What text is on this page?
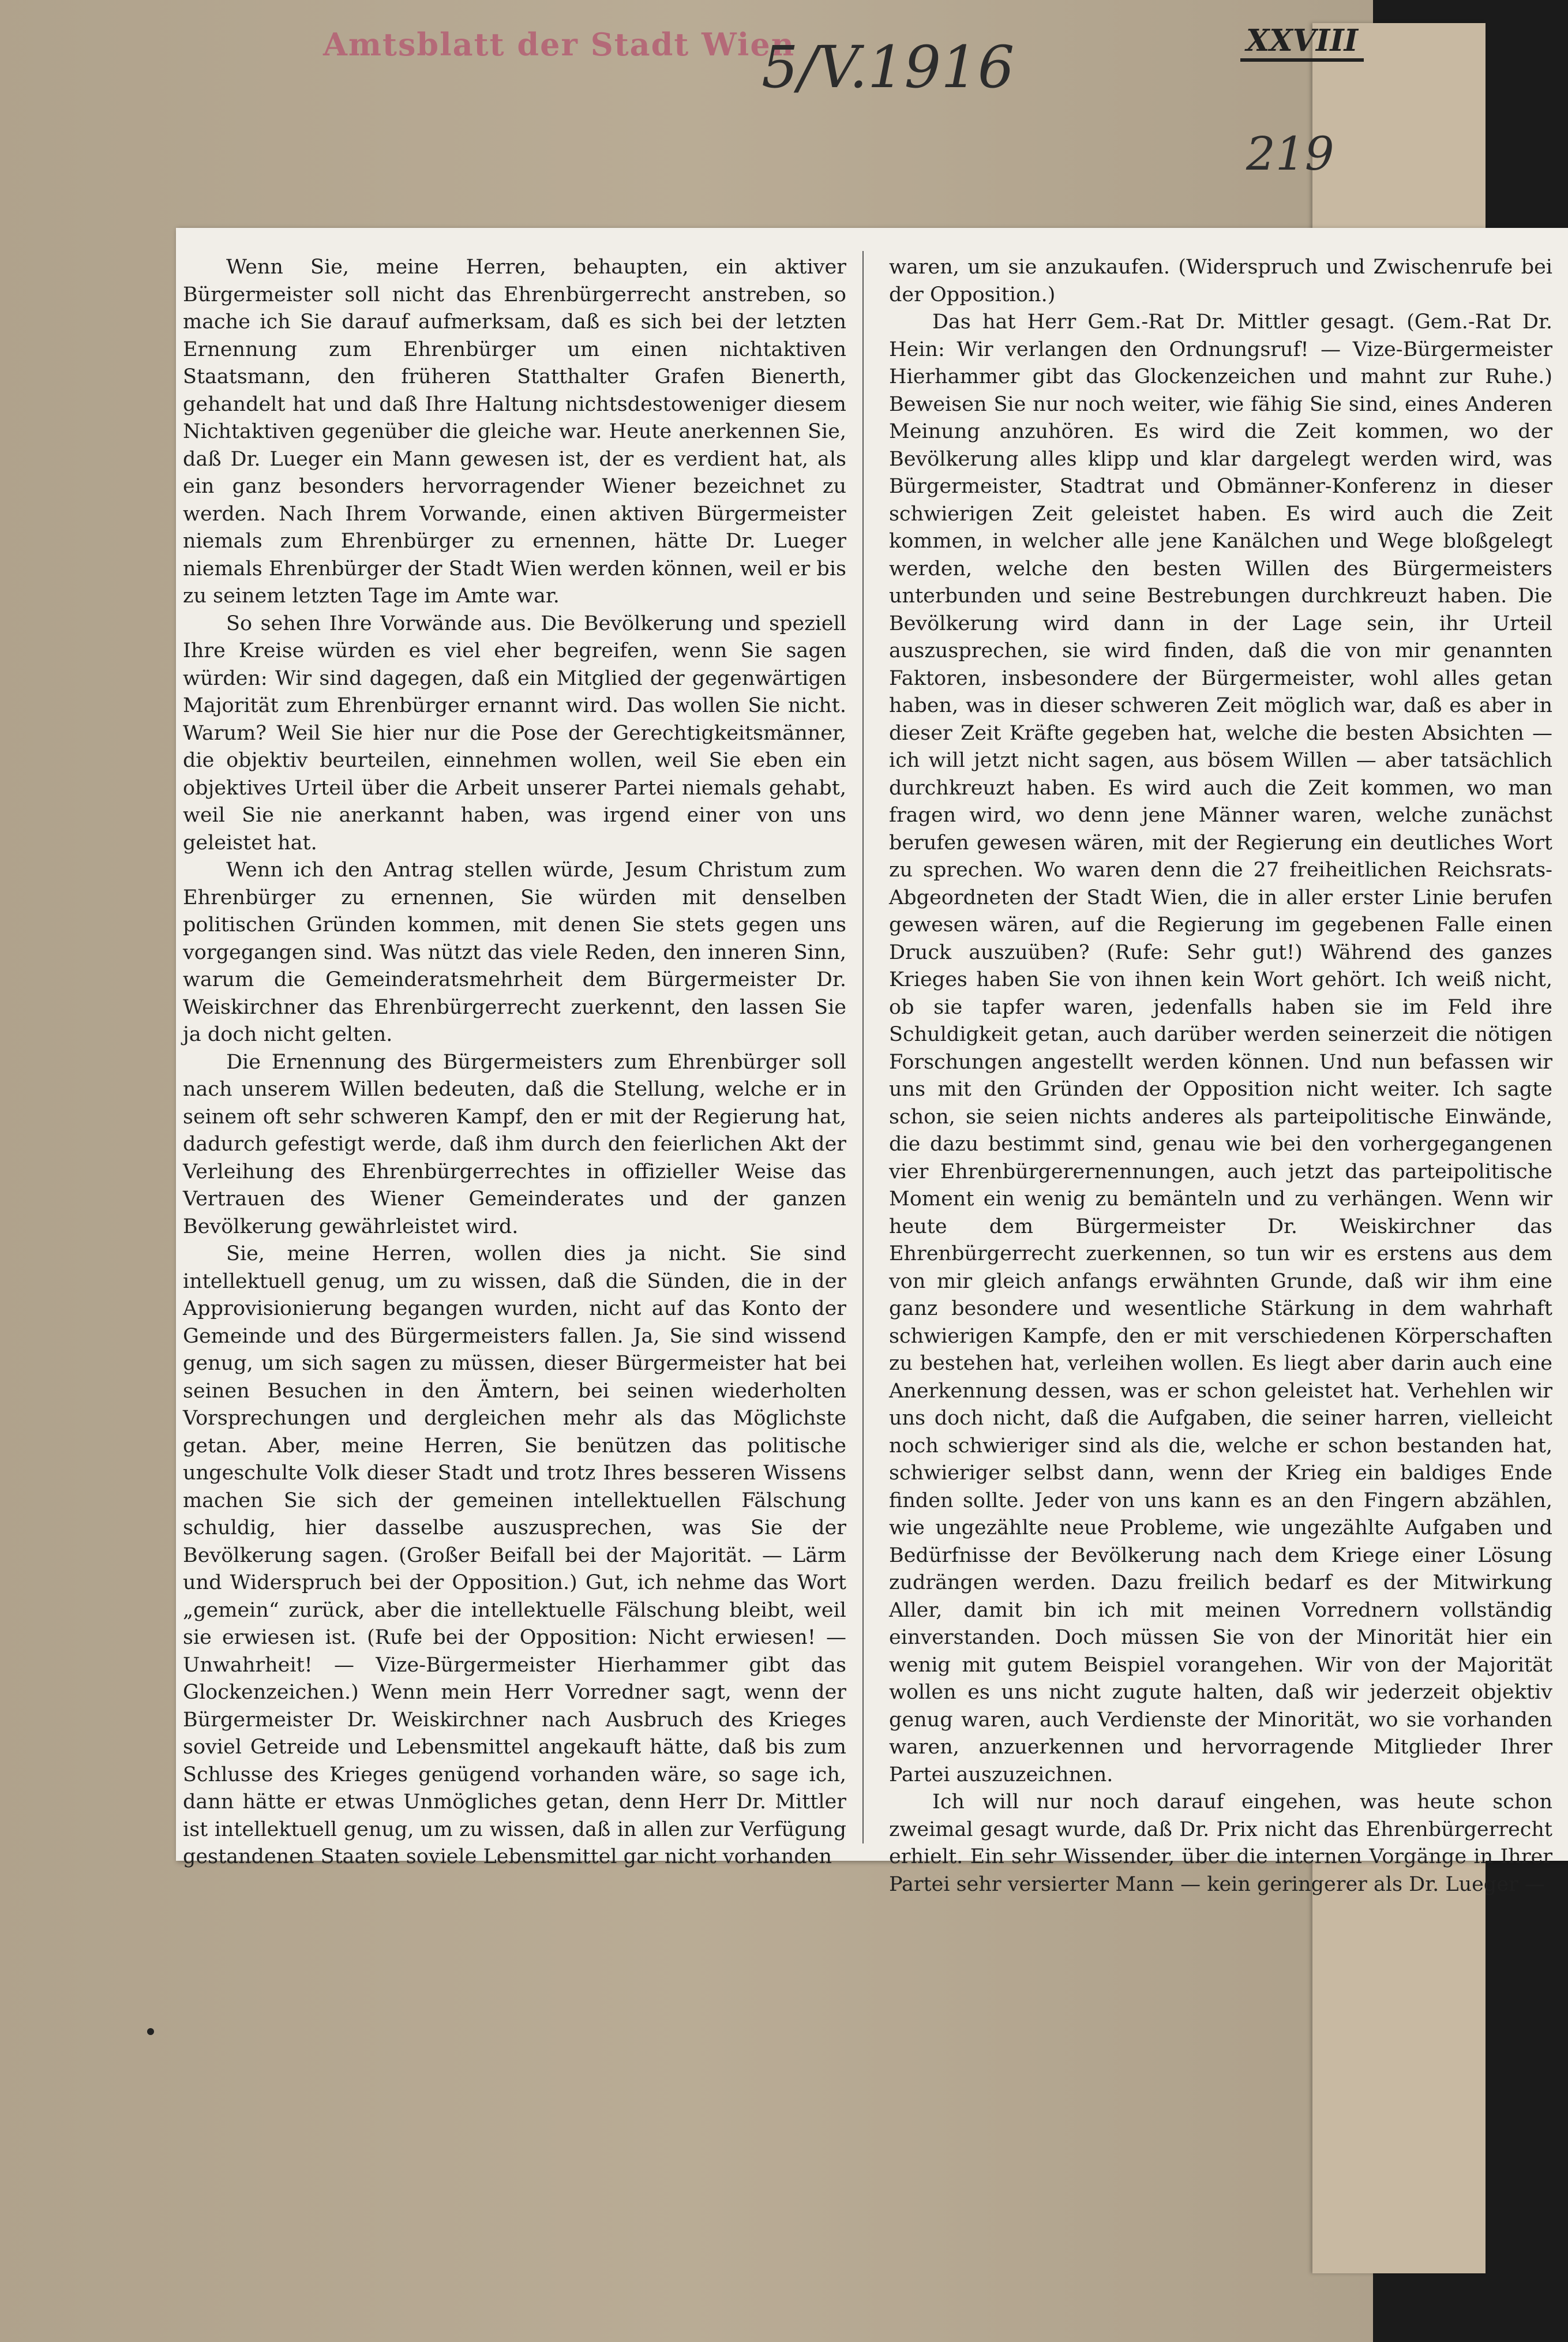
Amtsblatt der Stadt Wien
5/V.1916	XXVIII
219

Wenn Sie, meine Herren, behaupten, ein aktiver Bürgermeister soll nicht das Ehrenbürgerrecht anstreben, so mache ich Sie darauf aufmerksam, daß es sich bei der letzten Ernennung zum Ehrenbürger um einen nichtaktiven Staatsmann, den früheren Statthalter Grafen Bienerth, gehandelt hat und daß Ihre Haltung nichtsdestoweniger diesem Nichtaktiven gegenüber die gleiche war. Heute anerkennen Sie, daß Dr. Lueger ein Mann gewesen ist, der es verdient hat, als ein ganz besonders hervorragender Wiener bezeichnet zu werden. Nach Ihrem Vorwande, einen aktiven Bürgermeister niemals zum Ehrenbürger zu ernennen, hätte Dr. Lueger niemals Ehrenbürger der Stadt Wien werden können, weil er bis zu seinem letzten Tage im Amte war.

So sehen Ihre Vorwände aus. Die Bevölkerung und speziell Ihre Kreise würden es viel eher begreifen, wenn Sie sagen würden: Wir sind dagegen, daß ein Mitglied der gegenwärtigen Majorität zum Ehrenbürger ernannt wird. Das wollen Sie nicht. Warum? Weil Sie hier nur die Pose der Gerechtigkeitsmänner, die objektiv beurteilen, einnehmen wollen, weil Sie eben ein objektives Urteil über die Arbeit unserer Partei niemals gehabt, weil Sie nie anerkannt haben, was irgend einer von uns geleistet hat.

Wenn ich den Antrag stellen würde, Jesum Christum zum Ehrenbürger zu ernennen, Sie würden mit denselben politischen Gründen kommen, mit denen Sie stets gegen uns vorgegangen sind. Was nützt das viele Reden, den inneren Sinn, warum die Gemeinderatsmehrheit dem Bürgermeister Dr. Weiskirchner das Ehrenbürgerrecht zuerkennt, den lassen Sie ja doch nicht gelten.

Die Ernennung des Bürgermeisters zum Ehrenbürger soll nach unserem Willen bedeuten, daß die Stellung, welche er in seinem oft sehr schweren Kampf, den er mit der Regierung hat, dadurch gefestigt werde, daß ihm durch den feierlichen Akt der Verleihung des Ehrenbürgerrechtes in offizieller Weise das Vertrauen des Wiener Gemeinderates und der ganzen Bevölkerung gewährleistet wird.

Sie, meine Herren, wollen dies ja nicht. Sie sind intellektuell genug, um zu wissen, daß die Sünden, die in der Approvisionierung begangen wurden, nicht auf das Konto der Gemeinde und des Bürgermeisters fallen. Ja, Sie sind wissend genug, um sich sagen zu müssen, dieser Bürgermeister hat bei seinen Besuchen in den Ämtern, bei seinen wiederholten Vorsprechungen und dergleichen mehr als das Möglichste getan. Aber, meine Herren, Sie benützen das politische ungeschulte Volk dieser Stadt und trotz Ihres besseren Wissens machen Sie sich der gemeinen intellektuellen Fälschung schuldig, hier dasselbe auszusprechen, was Sie der Bevölkerung sagen. (Großer Beifall bei der Majorität. — Lärm und Widerspruch bei der Opposition.) Gut, ich nehme das Wort „gemein“ zurück, aber die intellektuelle Fälschung bleibt, weil sie erwiesen ist. (Rufe bei der Opposition: Nicht erwiesen! — Unwahrheit! — Vize-Bürgermeister Hierhammer gibt das Glockenzeichen.) Wenn mein Herr Vorredner sagt, wenn der Bürgermeister Dr. Weiskirchner nach Ausbruch des Krieges soviel Getreide und Lebensmittel angekauft hätte, daß bis zum Schlusse des Krieges genügend vorhanden wäre, so sage ich, dann hätte er etwas Unmögliches getan, denn Herr Dr. Mittler ist intellektuell genug, um zu wissen, daß in allen zur Verfügung gestandenen Staaten soviele Lebensmittel gar nicht vorhanden

waren, um sie anzukaufen. (Widerspruch und Zwischenrufe bei der Opposition.)

Das hat Herr Gem.-Rat Dr. Mittler gesagt. (Gem.-Rat Dr. Hein: Wir verlangen den Ordnungsruf! — Vize-Bürgermeister Hierhammer gibt das Glockenzeichen und mahnt zur Ruhe.) Beweisen Sie nur noch weiter, wie fähig Sie sind, eines Anderen Meinung anzuhören. Es wird die Zeit kommen, wo der Bevölkerung alles klipp und klar dargelegt werden wird, was Bürgermeister, Stadtrat und Obmänner-Konferenz in dieser schwierigen Zeit geleistet haben. Es wird auch die Zeit kommen, in welcher alle jene Kanälchen und Wege bloßgelegt werden, welche den besten Willen des Bürgermeisters unterbunden und seine Bestrebungen durchkreuzt haben. Die Bevölkerung wird dann in der Lage sein, ihr Urteil auszusprechen, sie wird finden, daß die von mir genannten Faktoren, insbesondere der Bürgermeister, wohl alles getan haben, was in dieser schweren Zeit möglich war, daß es aber in dieser Zeit Kräfte gegeben hat, welche die besten Absichten — ich will jetzt nicht sagen, aus bösem Willen — aber tatsächlich durchkreuzt haben. Es wird auch die Zeit kommen, wo man fragen wird, wo denn jene Männer waren, welche zunächst berufen gewesen wären, mit der Regierung ein deutliches Wort zu sprechen. Wo waren denn die 27 freiheitlichen Reichsrats-Abgeordneten der Stadt Wien, die in aller erster Linie berufen gewesen wären, auf die Regierung im gegebenen Falle einen Druck auszuüben? (Rufe: Sehr gut!) Während des ganzes Krieges haben Sie von ihnen kein Wort gehört. Ich weiß nicht, ob sie tapfer waren, jedenfalls haben sie im Feld ihre Schuldigkeit getan, auch darüber werden seinerzeit die nötigen Forschungen angestellt werden können. Und nun befassen wir uns mit den Gründen der Opposition nicht weiter. Ich sagte schon, sie seien nichts anderes als parteipolitische Einwände, die dazu bestimmt sind, genau wie bei den vorhergegangenen vier Ehrenbürgerernennungen, auch jetzt das parteipolitische Moment ein wenig zu bemänteln und zu verhängen. Wenn wir heute dem Bürgermeister Dr. Weiskirchner das Ehrenbürgerrecht zuerkennen, so tun wir es erstens aus dem von mir gleich anfangs erwähnten Grunde, daß wir ihm eine ganz besondere und wesentliche Stärkung in dem wahrhaft schwierigen Kampfe, den er mit verschiedenen Körperschaften zu bestehen hat, verleihen wollen. Es liegt aber darin auch eine Anerkennung dessen, was er schon geleistet hat. Verhehlen wir uns doch nicht, daß die Aufgaben, die seiner harren, vielleicht noch schwieriger sind als die, welche er schon bestanden hat, schwieriger selbst dann, wenn der Krieg ein baldiges Ende finden sollte. Jeder von uns kann es an den Fingern abzählen, wie ungezählte neue Probleme, wie ungezählte Aufgaben und Bedürfnisse der Bevölkerung nach dem Kriege einer Lösung zudrängen werden. Dazu freilich bedarf es der Mitwirkung Aller, damit bin ich mit meinen Vorrednern vollständig einverstanden. Doch müssen Sie von der Minorität hier ein wenig mit gutem Beispiel vorangehen. Wir von der Majorität wollen es uns nicht zugute halten, daß wir jederzeit objektiv genug waren, auch Verdienste der Minorität, wo sie vorhanden waren, anzuerkennen und hervorragende Mitglieder Ihrer Partei auszuzeichnen.

Ich will nur noch darauf eingehen, was heute schon zweimal gesagt wurde, daß Dr. Prix nicht das Ehrenbürgerrecht erhielt. Ein sehr Wissender, über die internen Vorgänge in Ihrer Partei sehr versierter Mann — kein geringerer als Dr. Lueger —
